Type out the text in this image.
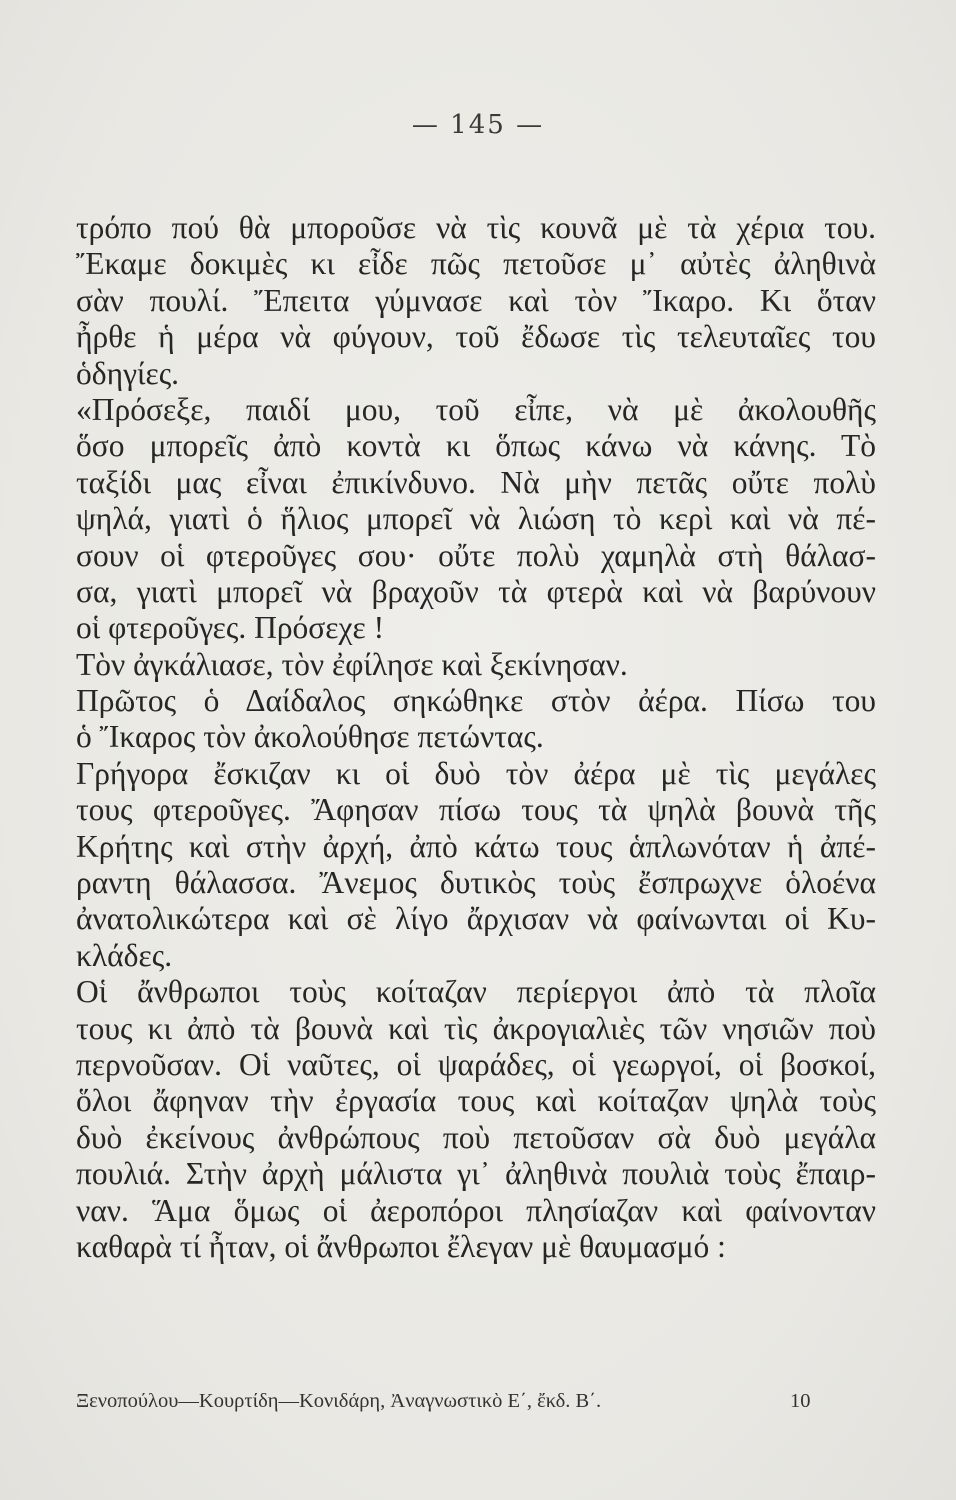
— 145 —
τρόπο πού θὰ μποροῦσε νὰ τὶς κουνᾶ μὲ τὰ χέρια του.
Ἔκαμε δοκιμὲς κι εἶδε πῶς πετοῦσε μ᾽ αὐτὲς ἀληθινὰ
σὰν πουλί. Ἔπειτα γύμνασε καὶ τὸν Ἴκαρο. Κι ὅταν
ἦρθε ἡ μέρα νὰ φύγουν, τοῦ ἔδωσε τὶς τελευταῖες του
ὁδηγίες.
«Πρόσεξε, παιδί μου, τοῦ εἶπε, νὰ μὲ ἀκολουθῆς
ὅσο μπορεῖς ἀπὸ κοντὰ κι ὅπως κάνω νὰ κάνης. Τὸ
ταξίδι μας εἶναι ἐπικίνδυνο. Νὰ μὴν πετᾶς οὔτε πολὺ
ψηλά, γιατὶ ὁ ἥλιος μπορεῖ νὰ λιώση τὸ κερὶ καὶ νὰ πέ-
σουν οἱ φτεροῦγες σου· οὔτε πολὺ χαμηλὰ στὴ θάλασ-
σα, γιατὶ μπορεῖ νὰ βραχοῦν τὰ φτερὰ καὶ νὰ βαρύνουν
οἱ φτεροῦγες. Πρόσεχε !
Τὸν ἀγκάλιασε, τὸν ἐφίλησε καὶ ξεκίνησαν.
Πρῶτος ὁ Δαίδαλος σηκώθηκε στὸν ἀέρα. Πίσω του
ὁ Ἴκαρος τὸν ἀκολούθησε πετώντας.
Γρήγορα ἔσκιζαν κι οἱ δυὸ τὸν ἀέρα μὲ τὶς μεγάλες
τους φτεροῦγες. Ἄφησαν πίσω τους τὰ ψηλὰ βουνὰ τῆς
Κρήτης καὶ στὴν ἀρχή, ἀπὸ κάτω τους ἁπλωνόταν ἡ ἀπέ-
ραντη θάλασσα. Ἄνεμος δυτικὸς τοὺς ἔσπρωχνε ὁλοένα
ἀνατολικώτερα καὶ σὲ λίγο ἄρχισαν νὰ φαίνωνται οἱ Κυ-
κλάδες.
Οἱ ἄνθρωποι τοὺς κοίταζαν περίεργοι ἀπὸ τὰ πλοῖα
τους κι ἀπὸ τὰ βουνὰ καὶ τὶς ἀκρογιαλιὲς τῶν νησιῶν ποὺ
περνοῦσαν. Οἱ ναῦτες, οἱ ψαράδες, οἱ γεωργοί, οἱ βοσκοί,
ὅλοι ἄφηναν τὴν ἐργασία τους καὶ κοίταζαν ψηλὰ τοὺς
δυὸ ἐκείνους ἀνθρώπους ποὺ πετοῦσαν σὰ δυὸ μεγάλα
πουλιά. Στὴν ἀρχὴ μάλιστα γι᾽ ἀληθινὰ πουλιὰ τοὺς ἔπαιρ-
ναν. Ἅμα ὅμως οἱ ἀεροπόροι πλησίαζαν καὶ φαίνονταν
καθαρὰ τί ἦταν, οἱ ἄνθρωποι ἔλεγαν μὲ θαυμασμό :
Ξενοπούλου—Κουρτίδη—Κονιδάρη, Ἀναγνωστικὸ Ε΄, ἔκδ. Β΄.	10
